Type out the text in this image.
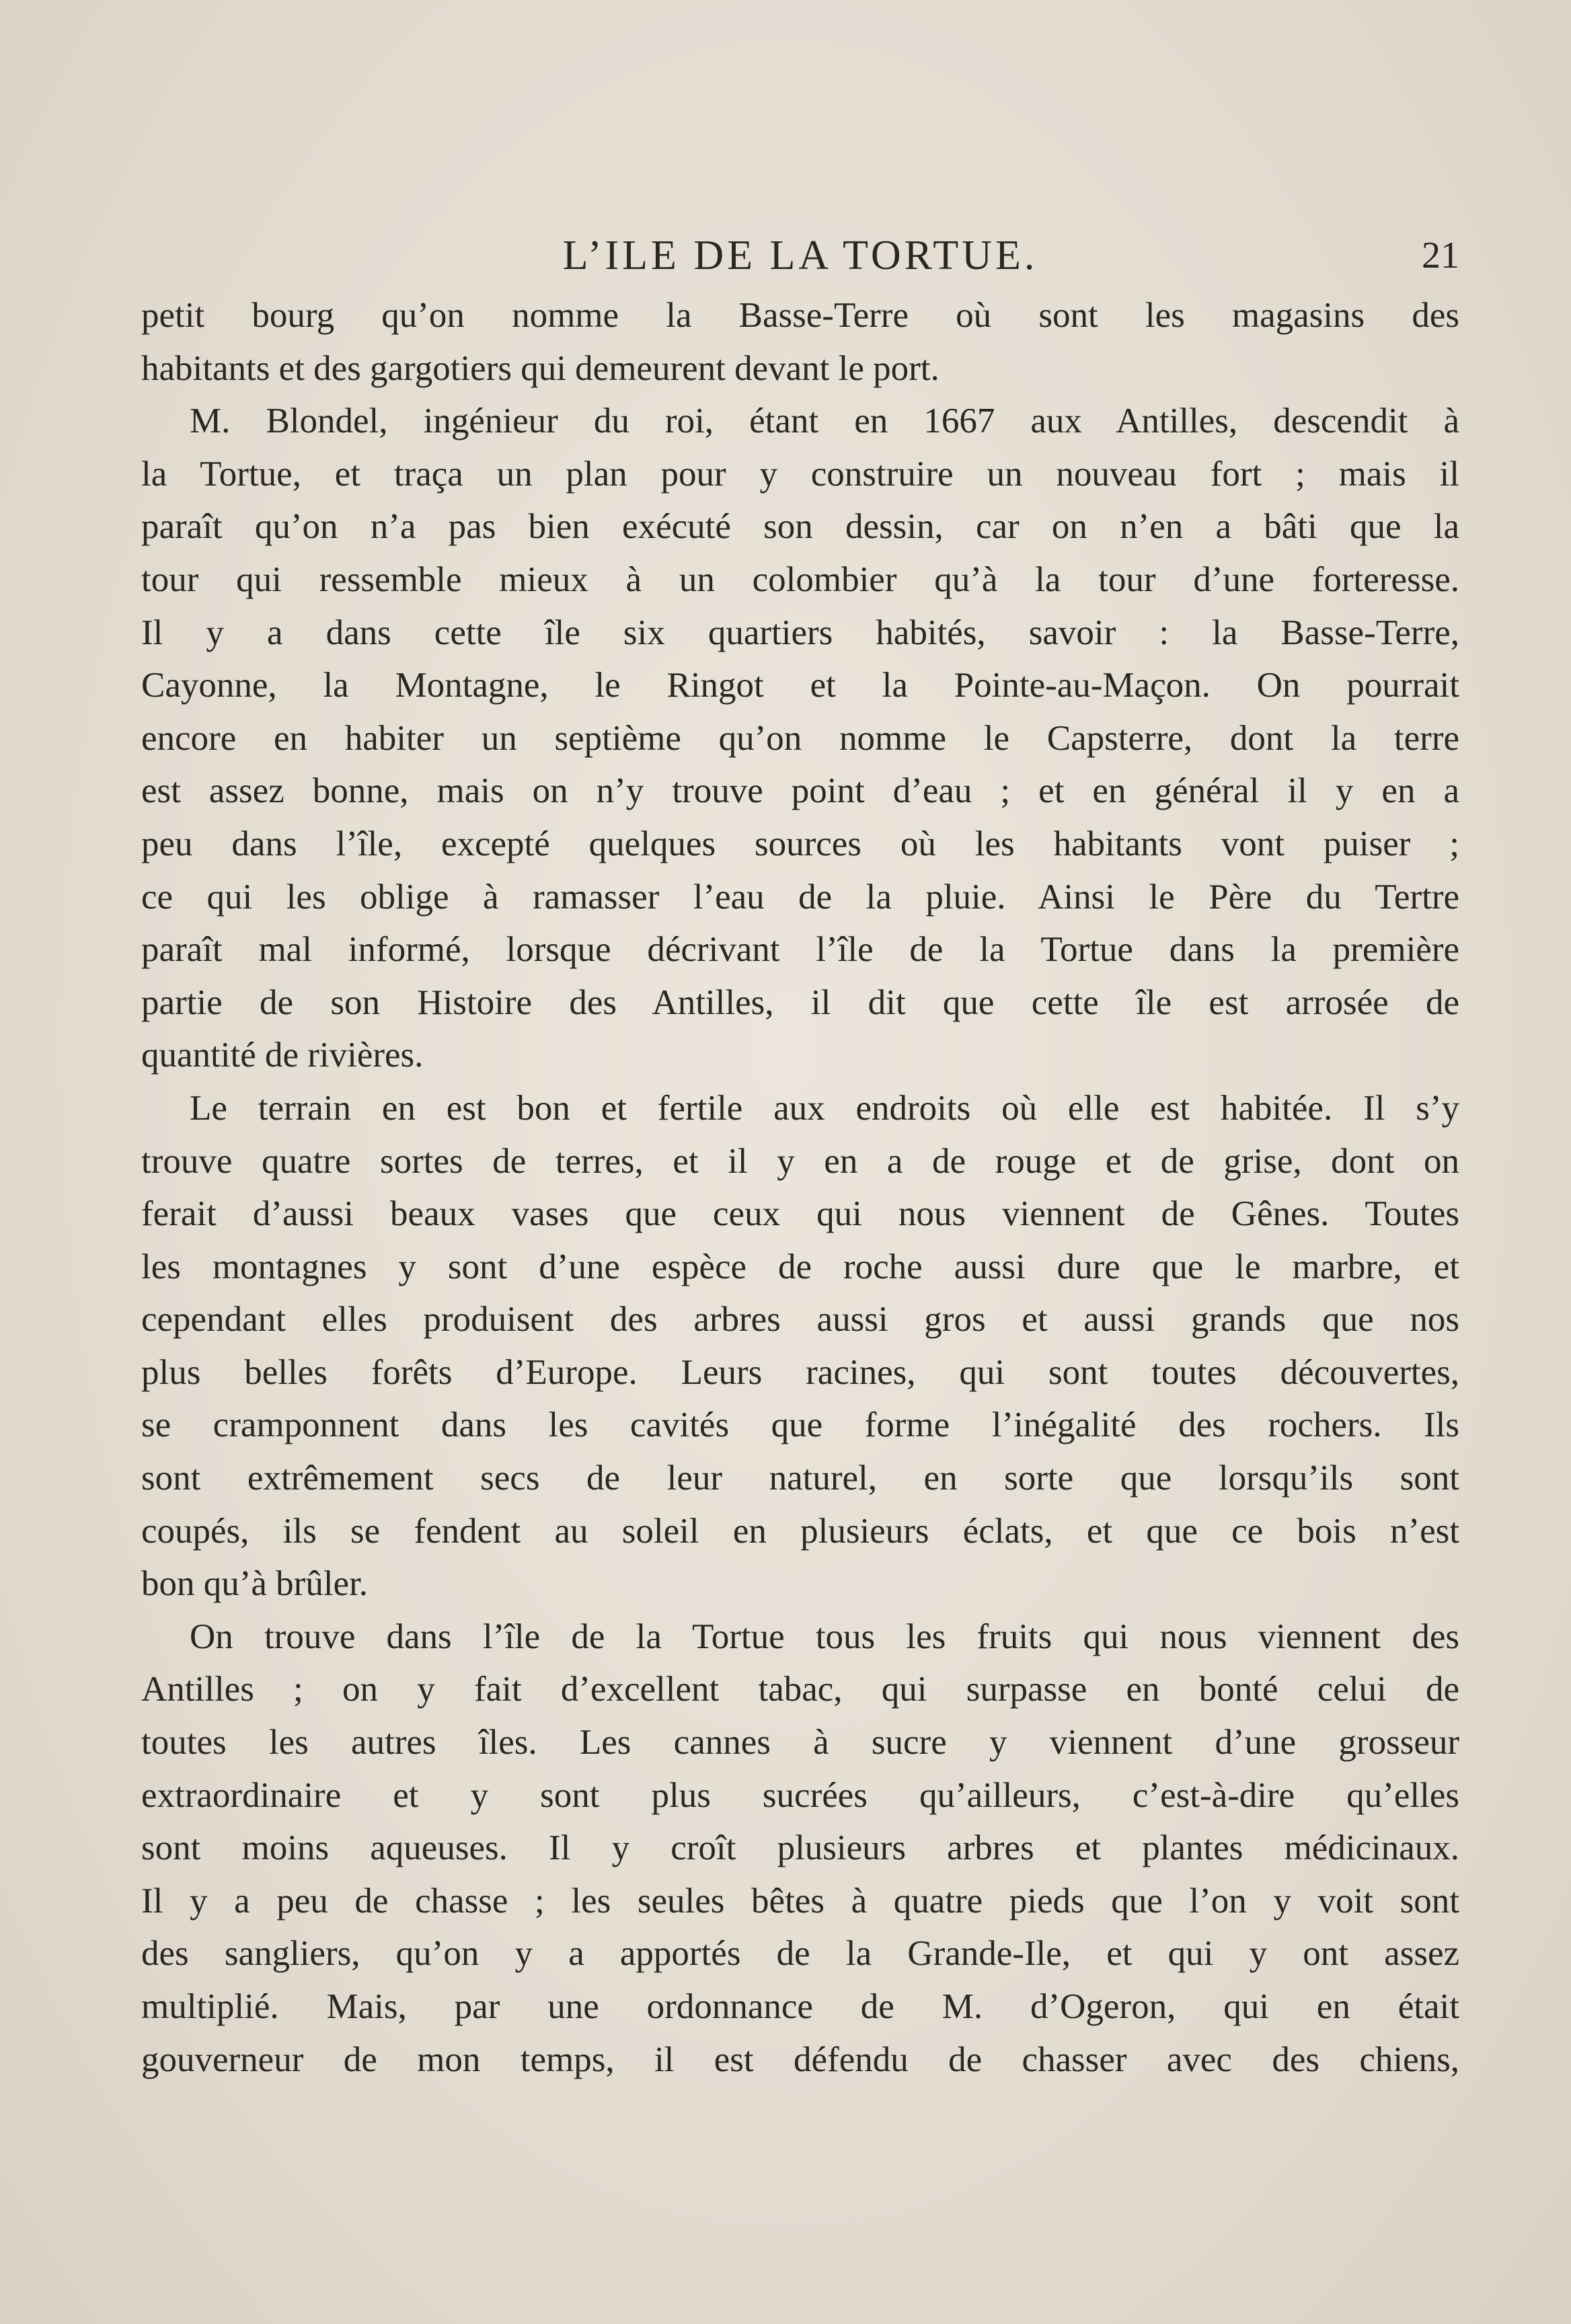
L’ILE DE LA TORTUE.	21
petit bourg qu’on nomme la Basse-Terre où sont les magasins des
habitants et des gargotiers qui demeurent devant le port.
M. Blondel, ingénieur du roi, étant en 1667 aux Antilles, descendit à
la Tortue, et traça un plan pour y construire un nouveau fort ; mais il
paraît qu’on n’a pas bien exécuté son dessin, car on n’en a bâti que la
tour qui ressemble mieux à un colombier qu’à la tour d’une forteresse.
Il y a dans cette île six quartiers habités, savoir : la Basse-Terre,
Cayonne, la Montagne, le Ringot et la Pointe-au-Maçon. On pourrait
encore en habiter un septième qu’on nomme le Capsterre, dont la terre
est assez bonne, mais on n’y trouve point d’eau ; et en général il y en a
peu dans l’île, excepté quelques sources où les habitants vont puiser ;
ce qui les oblige à ramasser l’eau de la pluie. Ainsi le Père du Tertre
paraît mal informé, lorsque décrivant l’île de la Tortue dans la première
partie de son Histoire des Antilles, il dit que cette île est arrosée de
quantité de rivières.
Le terrain en est bon et fertile aux endroits où elle est habitée. Il s’y
trouve quatre sortes de terres, et il y en a de rouge et de grise, dont on
ferait d’aussi beaux vases que ceux qui nous viennent de Gênes. Toutes
les montagnes y sont d’une espèce de roche aussi dure que le marbre, et
cependant elles produisent des arbres aussi gros et aussi grands que nos
plus belles forêts d’Europe. Leurs racines, qui sont toutes découvertes,
se cramponnent dans les cavités que forme l’inégalité des rochers. Ils
sont extrêmement secs de leur naturel, en sorte que lorsqu’ils sont
coupés, ils se fendent au soleil en plusieurs éclats, et que ce bois n’est
bon qu’à brûler.
On trouve dans l’île de la Tortue tous les fruits qui nous viennent des
Antilles ; on y fait d’excellent tabac, qui surpasse en bonté celui de
toutes les autres îles. Les cannes à sucre y viennent d’une grosseur
extraordinaire et y sont plus sucrées qu’ailleurs, c’est-à-dire qu’elles
sont moins aqueuses. Il y croît plusieurs arbres et plantes médicinaux.
Il y a peu de chasse ; les seules bêtes à quatre pieds que l’on y voit sont
des sangliers, qu’on y a apportés de la Grande-Ile, et qui y ont assez
multiplié. Mais, par une ordonnance de M. d’Ogeron, qui en était
gouverneur de mon temps, il est défendu de chasser avec des chiens,
